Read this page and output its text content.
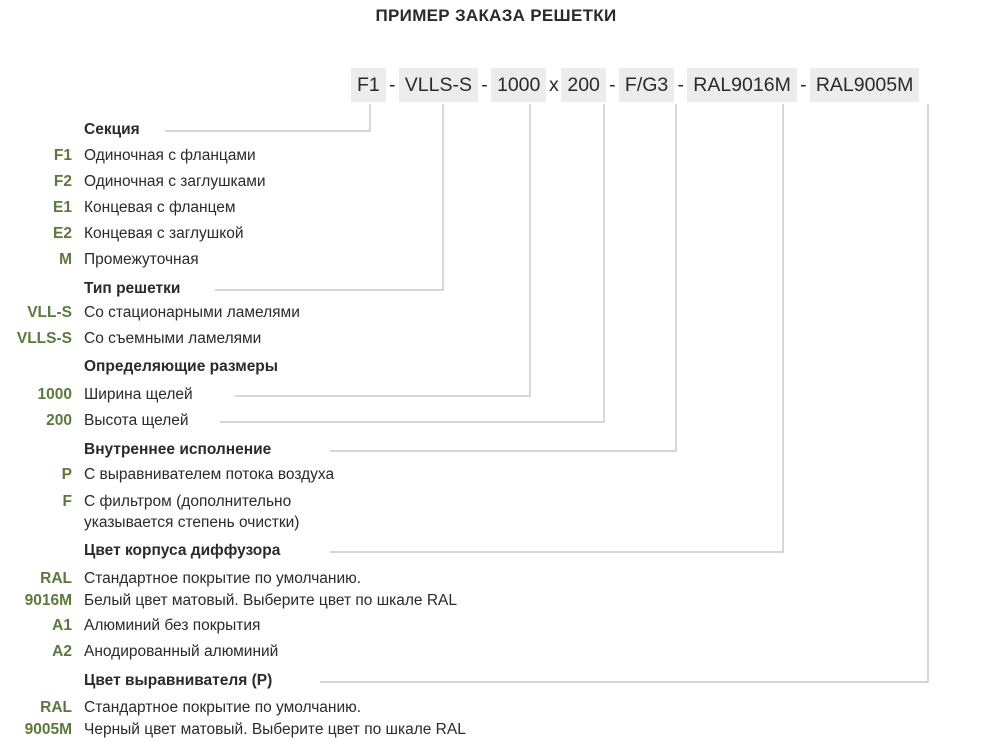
ПРИМЕР ЗАКАЗА РЕШЕТКИ
F1 - VLLS-S - 1000 x 200 - F/G3 - RAL9016M - RAL9005M
Секция
F1 Одиночная с фланцами
F2 Одиночная с заглушками
E1 Концевая с фланцем
E2 Концевая с заглушкой
M Промежуточная
Тип решетки
VLL-S Со стационарными ламелями
VLLS-S Со съемными ламелями
Определяющие размеры
1000 Ширина щелей
200 Высота щелей
Внутреннее исполнение
P С выравнивателем потока воздуха
F С фильтром (дополнительно
указывается степень очистки)
Цвет корпуса диффузора
RAL
9016M
Стандартное покрытие по умолчанию.
Белый цвет матовый. Выберите цвет по шкале RAL
A1 Алюминий без покрытия
A2 Анодированный алюминий
Цвет выравнивателя (P)
RAL
9005M
Стандартное покрытие по умолчанию.
Черный цвет матовый. Выберите цвет по шкале RAL
